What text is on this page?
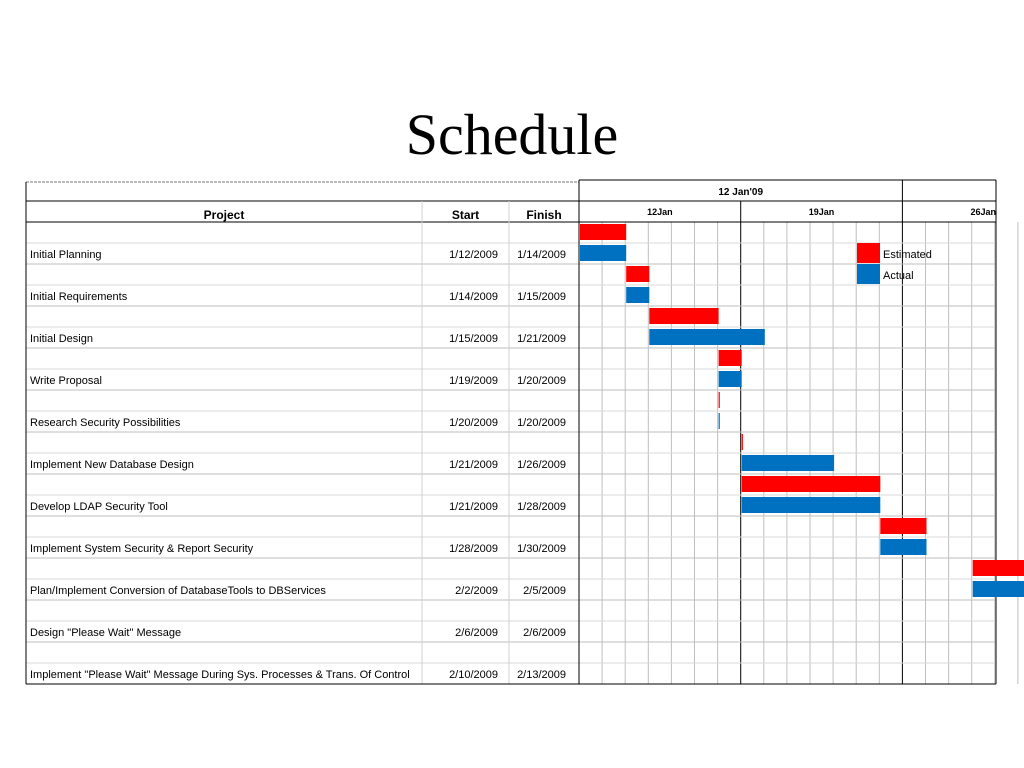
Schedule
Project	Start	Finish
12 Jan'09
12Jan	19Jan	26Jan
Initial Planning	1/12/2009 1/14/2009
Initial Requirements	1/14/2009 1/15/2009
Initial Design	1/15/2009 1/21/2009
Write Proposal	1/19/2009 1/20/2009
Research Security Possibilities	1/20/2009 1/20/2009
Implement New Database Design	1/21/2009 1/26/2009
Develop LDAP Security Tool	1/21/2009 1/28/2009
Implement System Security & Report Security	1/28/2009 1/30/2009
Plan/Implement Conversion of DatabaseTools to DBServices	2/2/2009 2/5/2009
Design "Please Wait" Message	2/6/2009 2/6/2009
Implement "Please Wait" Message During Sys. Processes & Trans. Of Control	2/10/2009 2/13/2009
Estimated
Actual
